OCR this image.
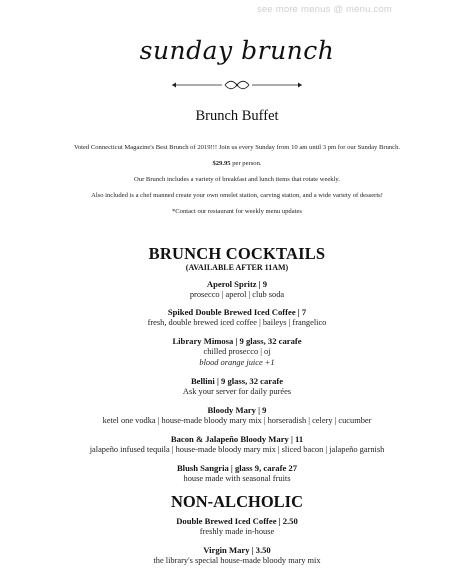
see more menus @ menu.com
sunday brunch
Brunch Buffet

Voted Connecticut Magazine's Best Brunch of 2019!!! Join us every Sunday from 10 am until 3 pm for our Sunday Brunch.

$29.95 per person.

Our Brunch includes a variety of breakfast and lunch items that rotate weekly.

Also included is a chef manned create your own omelet station, carving station, and a wide variety of desserts!

*Contact our restaurant for weekly menu updates

BRUNCH COCKTAILS
(AVAILABLE AFTER 11AM)
Aperol Spritz | 9
prosecco | aperol | club soda
Spiked Double Brewed Iced Coffee | 7
fresh, double brewed iced coffee | baileys | frangelico
Library Mimosa | 9 glass, 32 carafe
chilled prosecco | oj
blood orange juice +1
Bellini | 9 glass, 32 carafe
Ask your server for daily purées
Bloody Mary | 9
ketel one vodka | house-made bloody mary mix | horseradish | celery | cucumber
Bacon & Jalapeño Bloody Mary | 11
jalapeño infused tequila | house-made bloody mary mix | sliced bacon | jalapeño garnish
Blush Sangria | glass 9, carafe 27
house made with seasonal fruits
NON-ALCHOLIC
Double Brewed Iced Coffee | 2.50
freshly made in-house
Virgin Mary | 3.50
the library's special house-made bloody mary mix
